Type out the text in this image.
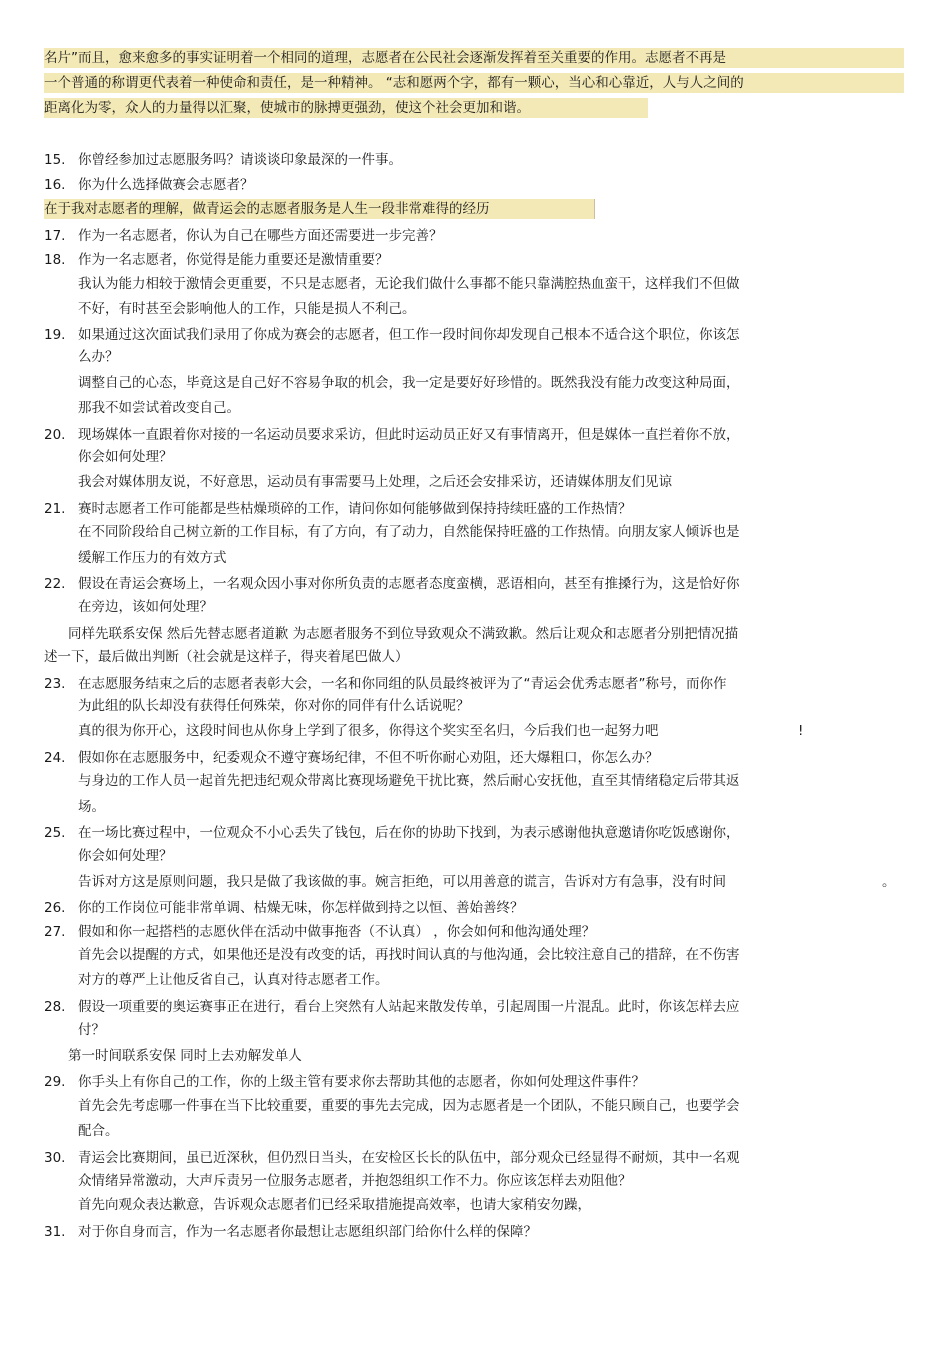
名片”而且，愈来愈多的事实证明着一个相同的道理，志愿者在公民社会逐渐发挥着至关重要的作用。志愿者不再是
一个普通的称谓更代表着一种使命和责任，是一种精神。 “志和愿两个字，都有一颗心，当心和心靠近，人与人之间的
距离化为零，众人的力量得以汇聚，使城市的脉搏更强劲，使这个社会更加和谐。
15. 你曾经参加过志愿服务吗？请谈谈印象最深的一件事。
16. 你为什么选择做赛会志愿者？
在于我对志愿者的理解，做青运会的志愿者服务是人生一段非常难得的经历
17. 作为一名志愿者，你认为自己在哪些方面还需要进一步完善？
18. 作为一名志愿者，你觉得是能力重要还是激情重要？
我认为能力相较于激情会更重要，不只是志愿者，无论我们做什么事都不能只靠满腔热血蛮干，这样我们不但做
不好，有时甚至会影响他人的工作，只能是损人不利己。
19. 如果通过这次面试我们录用了你成为赛会的志愿者，但工作一段时间你却发现自己根本不适合这个职位，你该怎
么办？
调整自己的心态，毕竟这是自己好不容易争取的机会，我一定是要好好珍惜的。既然我没有能力改变这种局面，
那我不如尝试着改变自己。
20. 现场媒体一直跟着你对接的一名运动员要求采访，但此时运动员正好又有事情离开，但是媒体一直拦着你不放，
你会如何处理？
我会对媒体朋友说，不好意思，运动员有事需要马上处理，之后还会安排采访，还请媒体朋友们见谅
21. 赛时志愿者工作可能都是些枯燥琐碎的工作，请问你如何能够做到保持持续旺盛的工作热情？
在不同阶段给自己树立新的工作目标，有了方向，有了动力，自然能保持旺盛的工作热情。向朋友家人倾诉也是
缓解工作压力的有效方式
22. 假设在青运会赛场上，一名观众因小事对你所负责的志愿者态度蛮横，恶语相向，甚至有推搡行为，这是恰好你
在旁边，该如何处理？
同样先联系安保 然后先替志愿者道歉 为志愿者服务不到位导致观众不满致歉。然后让观众和志愿者分别把情况描
述一下，最后做出判断（社会就是这样子，得夹着尾巴做人）
23. 在志愿服务结束之后的志愿者表彰大会，一名和你同组的队员最终被评为了“青运会优秀志愿者”称号，而你作
为此组的队长却没有获得任何殊荣，你对你的同伴有什么话说呢？
真的很为你开心，这段时间也从你身上学到了很多，你得这个奖实至名归，今后我们也一起努力吧	!
24. 假如你在志愿服务中，纪委观众不遵守赛场纪律，不但不听你耐心劝阻，还大爆粗口，你怎么办？
与身边的工作人员一起首先把违纪观众带离比赛现场避免干扰比赛，然后耐心安抚他，直至其情绪稳定后带其返
场。
25. 在一场比赛过程中，一位观众不小心丢失了钱包，后在你的协助下找到，为表示感谢他执意邀请你吃饭感谢你，
你会如何处理？
告诉对方这是原则问题，我只是做了我该做的事。婉言拒绝，可以用善意的谎言，告诉对方有急事，没有时间	。
26. 你的工作岗位可能非常单调、枯燥无味，你怎样做到持之以恒、善始善终？
27. 假如和你一起搭档的志愿伙伴在活动中做事拖沓（不认真） ，你会如何和他沟通处理？
首先会以提醒的方式，如果他还是没有改变的话，再找时间认真的与他沟通，会比较注意自己的措辞，在不伤害
对方的尊严上让他反省自己，认真对待志愿者工作。
28. 假设一项重要的奥运赛事正在进行，看台上突然有人站起来散发传单，引起周围一片混乱。此时，你该怎样去应
付？
第一时间联系安保 同时上去劝解发单人
29. 你手头上有你自己的工作，你的上级主管有要求你去帮助其他的志愿者，你如何处理这件事件？
首先会先考虑哪一件事在当下比较重要，重要的事先去完成，因为志愿者是一个团队，不能只顾自己，也要学会
配合。
30. 青运会比赛期间，虽已近深秋，但仍烈日当头，在安检区长长的队伍中，部分观众已经显得不耐烦，其中一名观
众情绪异常激动，大声斥责另一位服务志愿者，并抱怨组织工作不力。你应该怎样去劝阻他？
首先向观众表达歉意，告诉观众志愿者们已经采取措施提高效率，也请大家稍安勿躁，
31. 对于你自身而言，作为一名志愿者你最想让志愿组织部门给你什么样的保障？
